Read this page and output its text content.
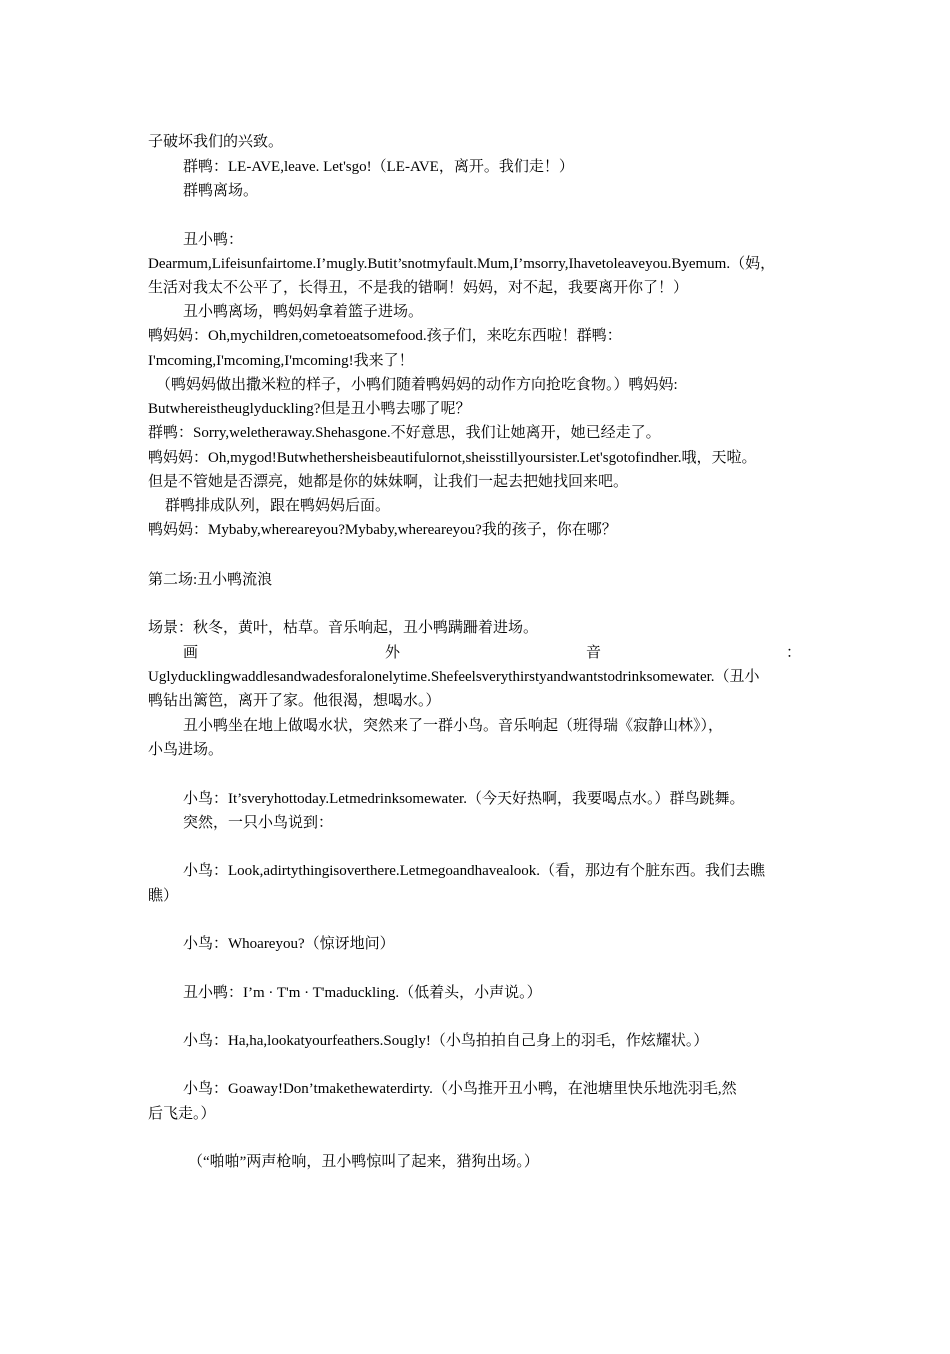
子破坏我们的兴致。
群鸭：LE-AVE,leave. Let'sgo!（LE-AVE，离开。我们走！）
群鸭离场。
丑小鸭：
Dearmum,Lifeisunfairtome.I’mugly.Butit’snotmyfault.Mum,I’msorry,Ihavetoleaveyou.Byemum.（妈，
生活对我太不公平了，长得丑，不是我的错啊！妈妈，对不起，我要离开你了！）
丑小鸭离场，鸭妈妈拿着篮子进场。
鸭妈妈：Oh,mychildren,cometoeatsomefood.孩子们，来吃东西啦！群鸭：
I'mcoming,I'mcoming,I'mcoming!我来了！
（鸭妈妈做出撒米粒的样子，小鸭们随着鸭妈妈的动作方向抢吃食物。）鸭妈妈:
Butwhereistheuglyduckling?但是丑小鸭去哪了呢？
群鸭：Sorry,weletheraway.Shehasgone.不好意思，我们让她离开，她已经走了。
鸭妈妈：Oh,mygod!Butwhethersheisbeautifulornot,sheisstillyoursister.Let'sgotofindher.哦，天啦。
但是不管她是否漂亮，她都是你的妹妹啊，让我们一起去把她找回来吧。
群鸭排成队列，跟在鸭妈妈后面。
鸭妈妈：Mybaby,whereareyou?Mybaby,whereareyou?我的孩子，你在哪？
第二场:丑小鸭流浪
场景：秋冬，黄叶，枯草。音乐响起，丑小鸭蹒跚着进场。
画	外	音	：
Uglyducklingwaddlesandwadesforalonelytime.Shefeelsverythirstyandwantstodrinksomewater.（丑小
鸭钻出篱笆，离开了家。他很渴，想喝水。）
丑小鸭坐在地上做喝水状，突然来了一群小鸟。音乐响起（班得瑞《寂静山林》），
小鸟进场。
小鸟：It’sveryhottoday.Letmedrinksomewater.（今天好热啊，我要喝点水。）群鸟跳舞。
突然，一只小鸟说到：
小鸟：Look,adirtythingisoverthere.Letmegoandhavealook.（看，那边有个脏东西。我们去瞧
瞧）
小鸟：Whoareyou?（惊讶地问）
丑小鸭：I’m · T'm · T'maduckling.（低着头，小声说。）
小鸟：Ha,ha,lookatyourfeathers.Sougly!（小鸟拍拍自己身上的羽毛，作炫耀状。）
小鸟：Goaway!Don’tmakethewaterdirty.（小鸟推开丑小鸭，在池塘里快乐地洗羽毛,然
后飞走。）
（“啪啪”两声枪响，丑小鸭惊叫了起来，猎狗出场。）
